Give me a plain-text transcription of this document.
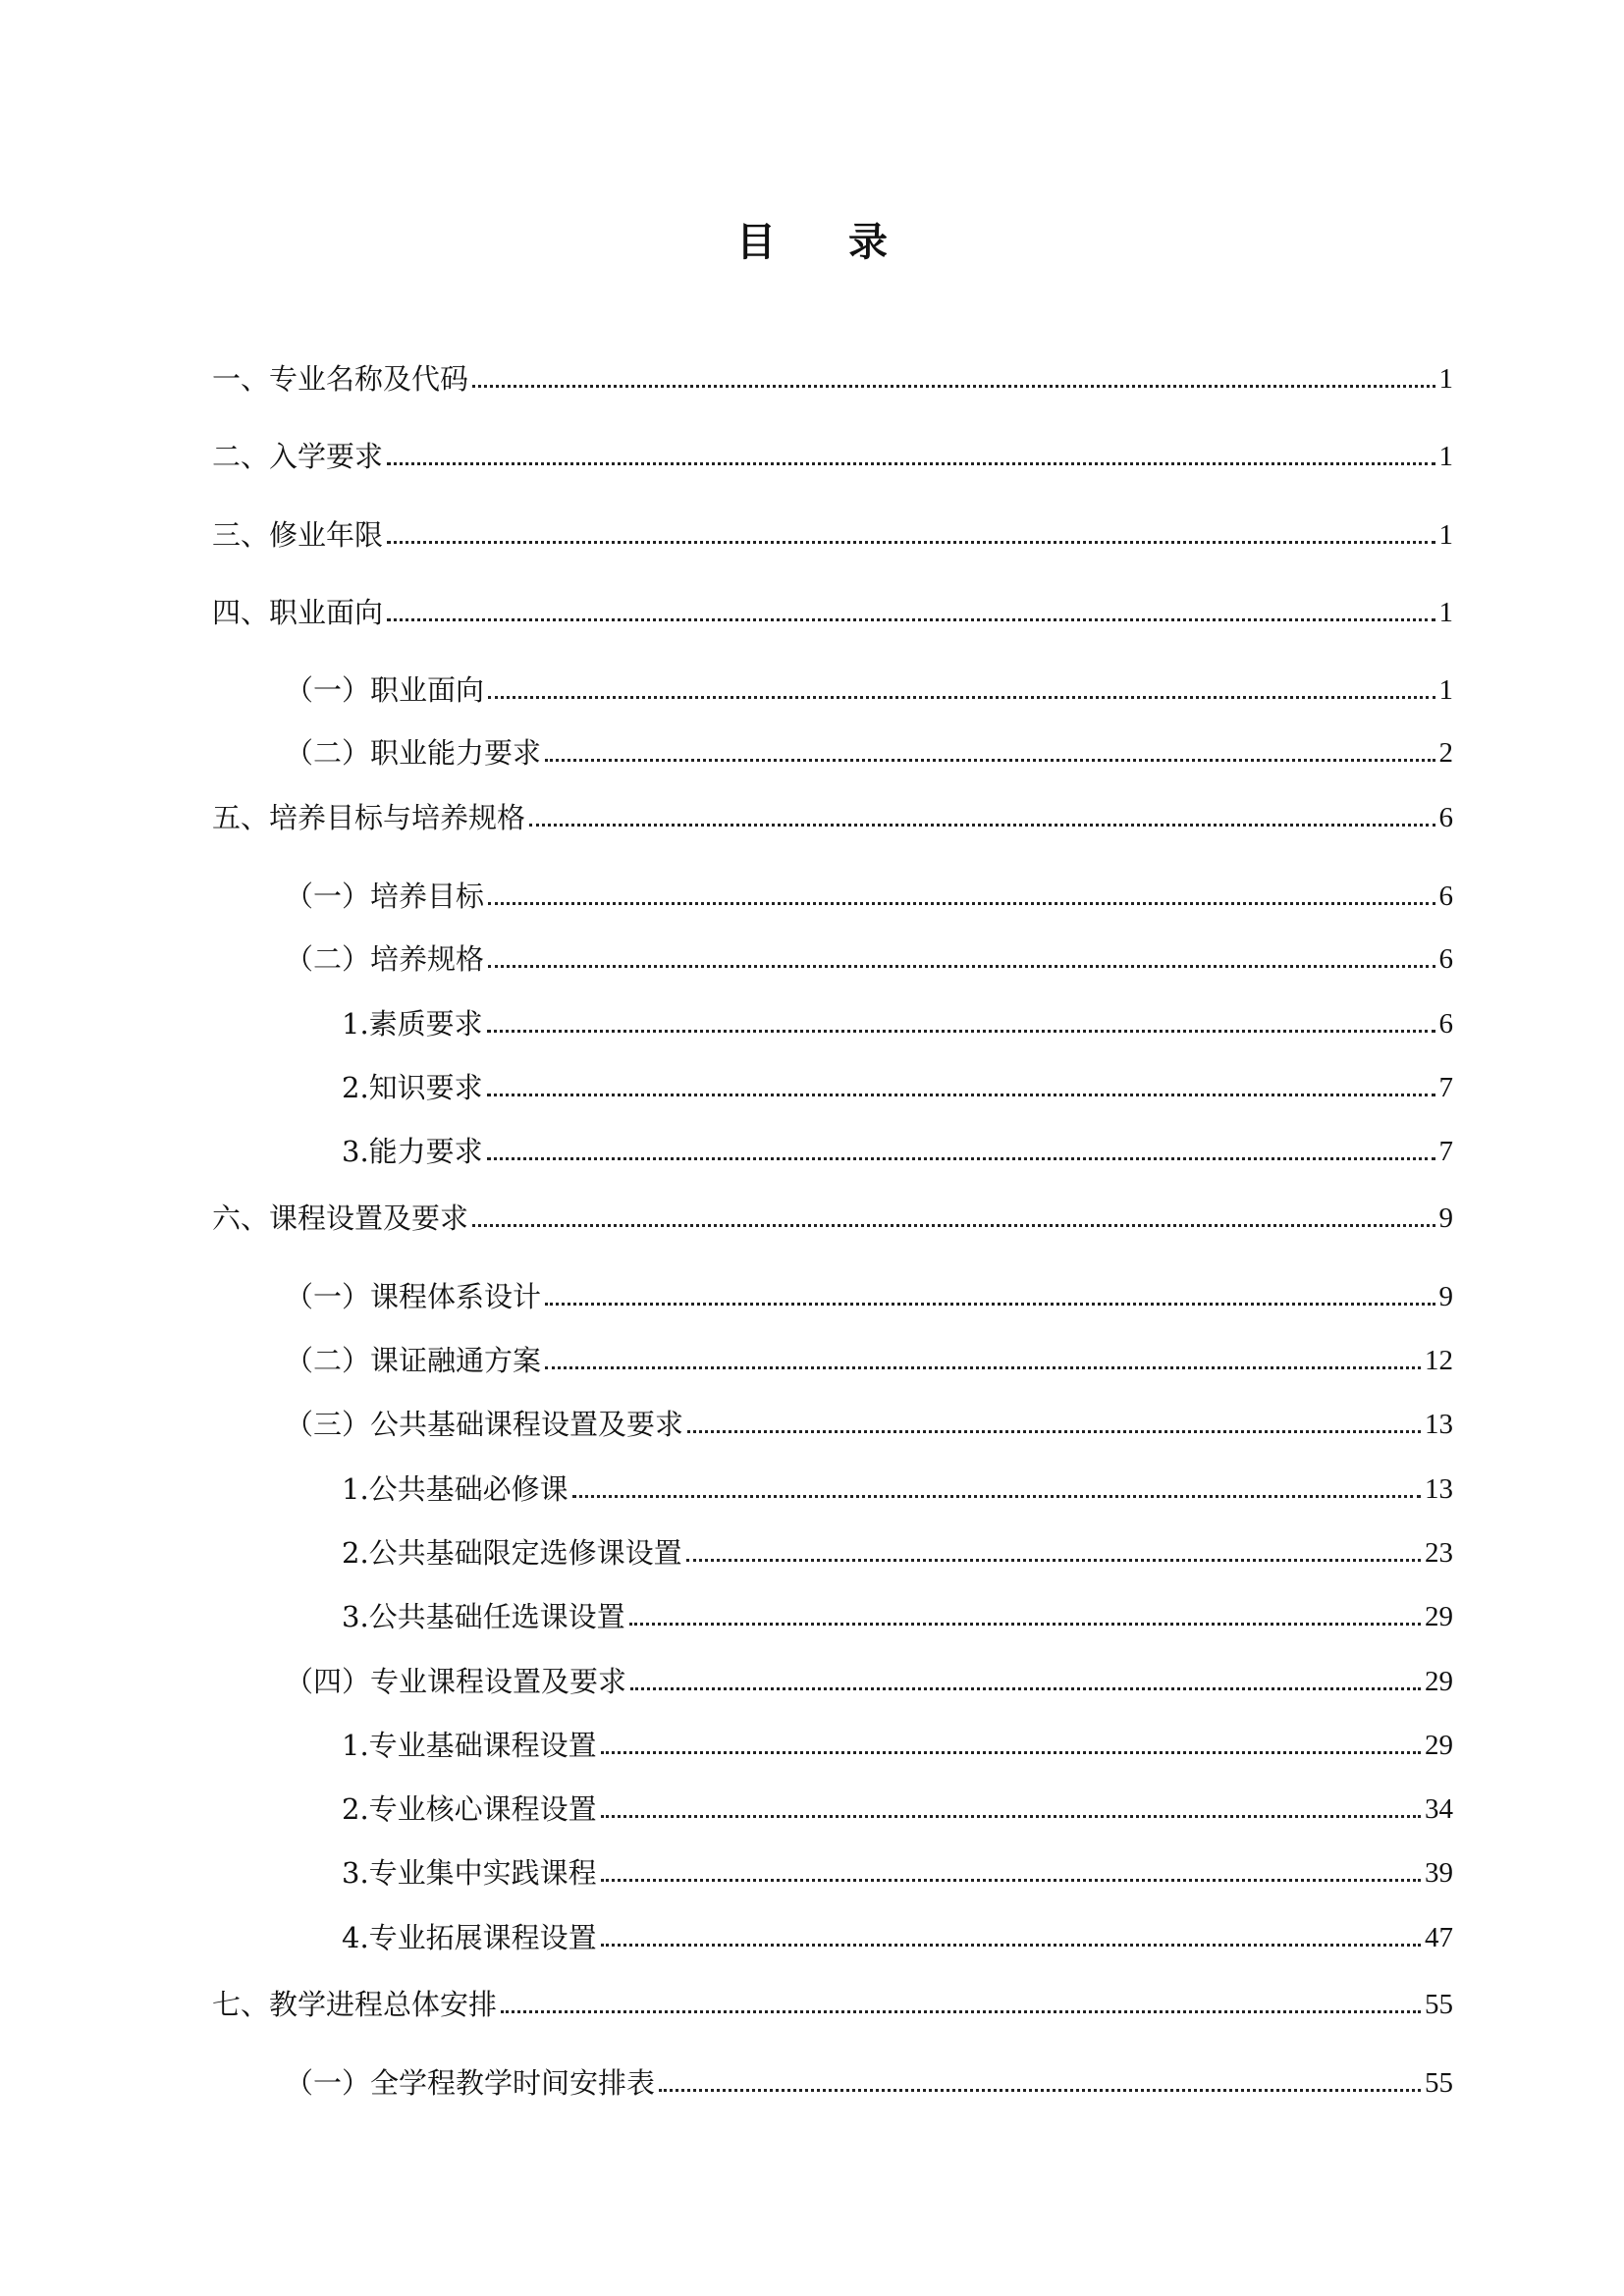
目 录
一、专业名称及代码	1
二、入学要求	1
三、修业年限	1
四、职业面向	1
（一）职业面向	1
（二）职业能力要求	2
五、培养目标与培养规格	6
（一）培养目标	6
（二）培养规格	6
1.素质要求	6
2.知识要求	7
3.能力要求	7
六、课程设置及要求	9
（一）课程体系设计	9
（二）课证融通方案	12
（三）公共基础课程设置及要求	13
1.公共基础必修课	13
2.公共基础限定选修课设置	23
3.公共基础任选课设置	29
（四）专业课程设置及要求	29
1.专业基础课程设置	29
2.专业核心课程设置	34
3.专业集中实践课程	39
4.专业拓展课程设置	47
七、教学进程总体安排	55
（一）全学程教学时间安排表	55
